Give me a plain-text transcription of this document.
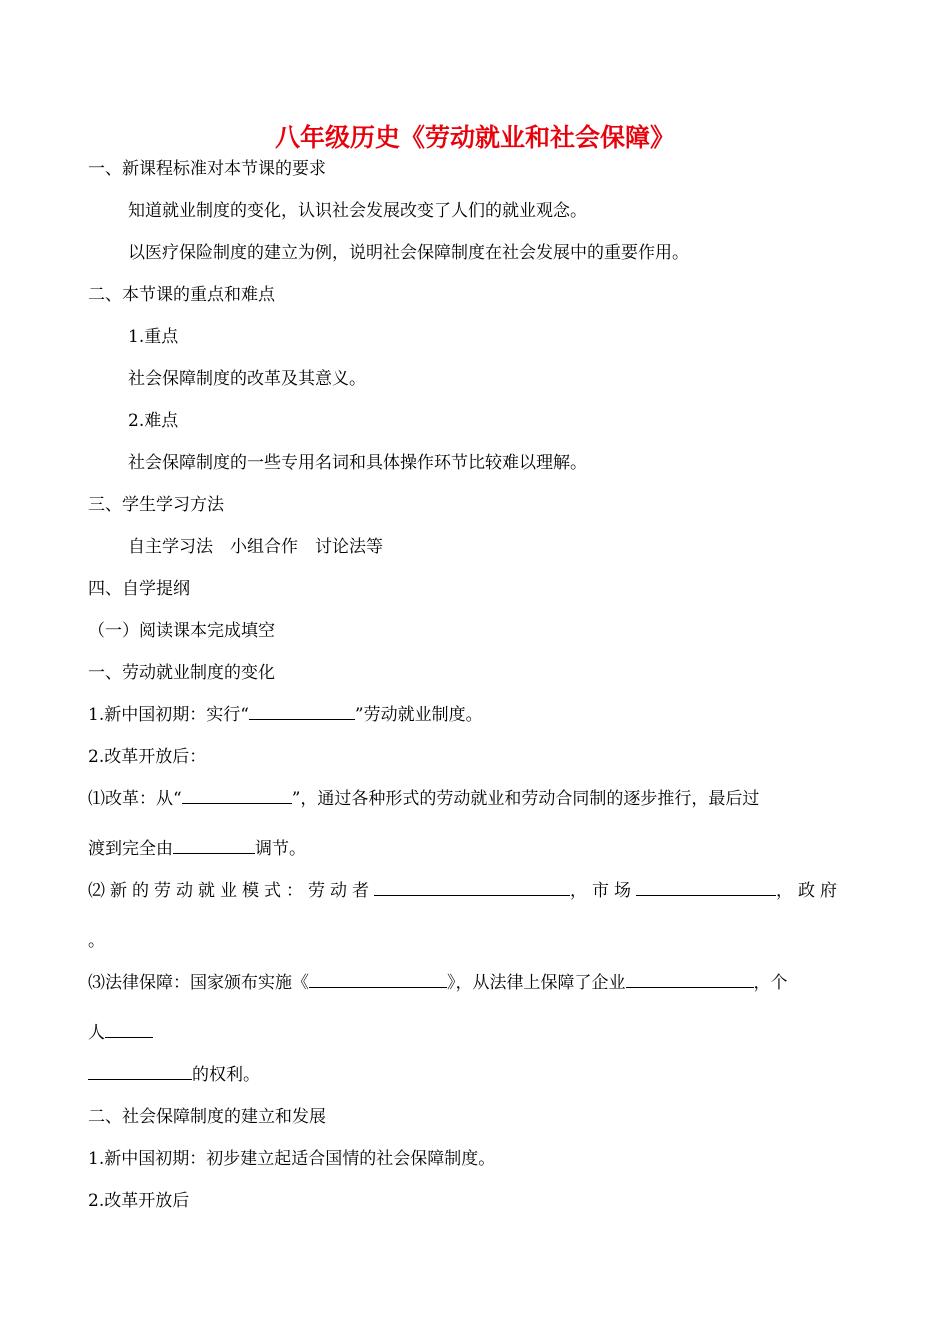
八年级历史《劳动就业和社会保障》
一、新课程标准对本节课的要求
知道就业制度的变化，认识社会发展改变了人们的就业观念。
以医疗保险制度的建立为例，说明社会保障制度在社会发展中的重要作用。
二、本节课的重点和难点
1.重点
社会保障制度的改革及其意义。
2.难点
社会保障制度的一些专用名词和具体操作环节比较难以理解。
三、学生学习方法
自主学习法　小组合作　讨论法等
四、自学提纲
（一）阅读课本完成填空
一、劳动就业制度的变化
1.新中国初期：实行“	”劳动就业制度。
2.改革开放后：
⑴改革：从“	”，通过各种形式的劳动就业和劳动合同制的逐步推行，最后过
渡到完全由	调节。
⑵新的劳动就业模式：劳动者	，市场	，政府
。
⑶法律保障：国家颁布实施《	》，从法律上保障了企业	，个
人
的权利。
二、社会保障制度的建立和发展
1.新中国初期：初步建立起适合国情的社会保障制度。
2.改革开放后
